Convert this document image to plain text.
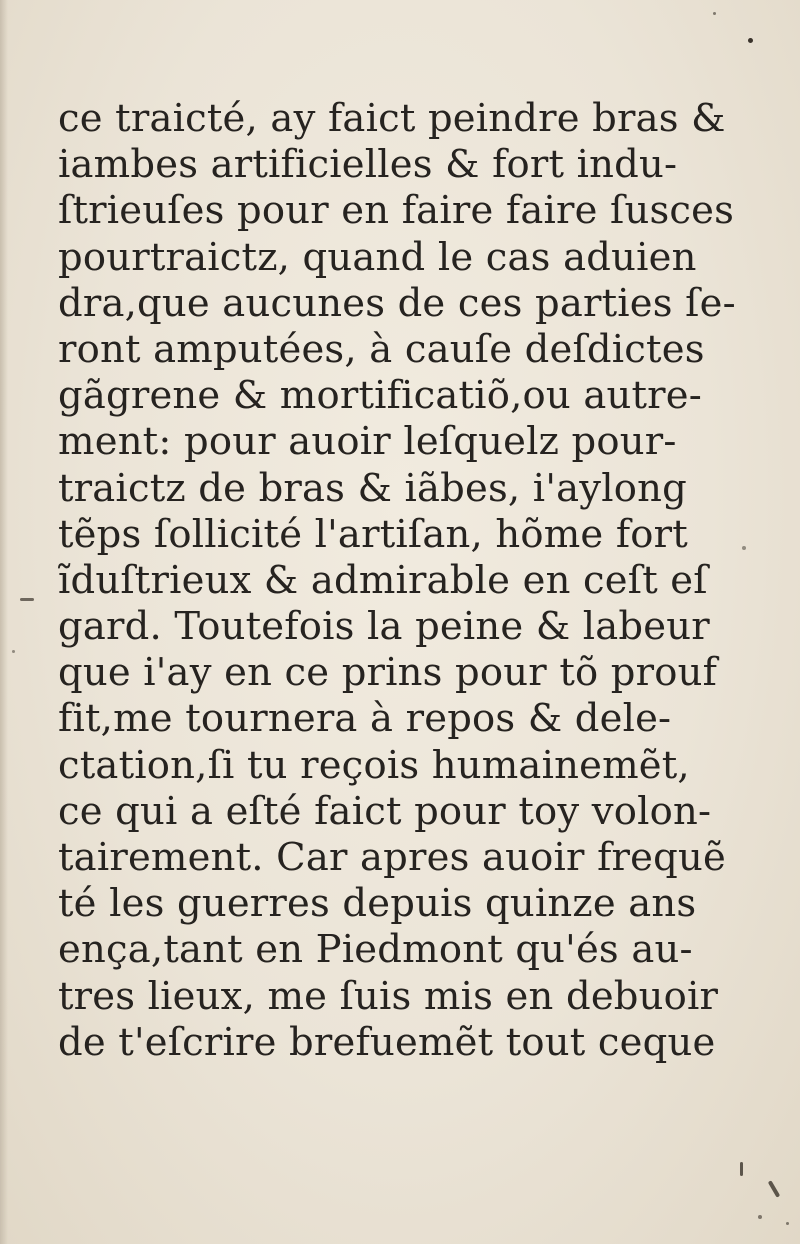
ce traicté, ay faict peindre bras &
iambes artificielles & fort indu-
ſtrieuſes pour en faire faire ſusces
pourtraictz, quand le cas aduien
dra,que aucunes de ces parties ſe-
ront amputées, à cauſe deſdictes
gãgrene & mortificatiõ,ou autre-
ment: pour auoir leſquelz pour-
traictz de bras & iãbes, i'aylong
tẽps ſollicité l'artiſan, hõme fort
ĩduſtrieux & admirable en ceſt eſ
gard. Toutefois la peine & labeur
que i'ay en ce prins pour tõ prouf
fit,me tournera à repos & dele-
ctation,ſi tu reçois humainemẽt,
ce qui a eſté faict pour toy volon-
tairement. Car apres auoir frequẽ
té les guerres depuis quinze ans
ença,tant en Piedmont qu'és au-
tres lieux, me ſuis mis en debuoir
de t'eſcrire brefuemẽt tout ceque
